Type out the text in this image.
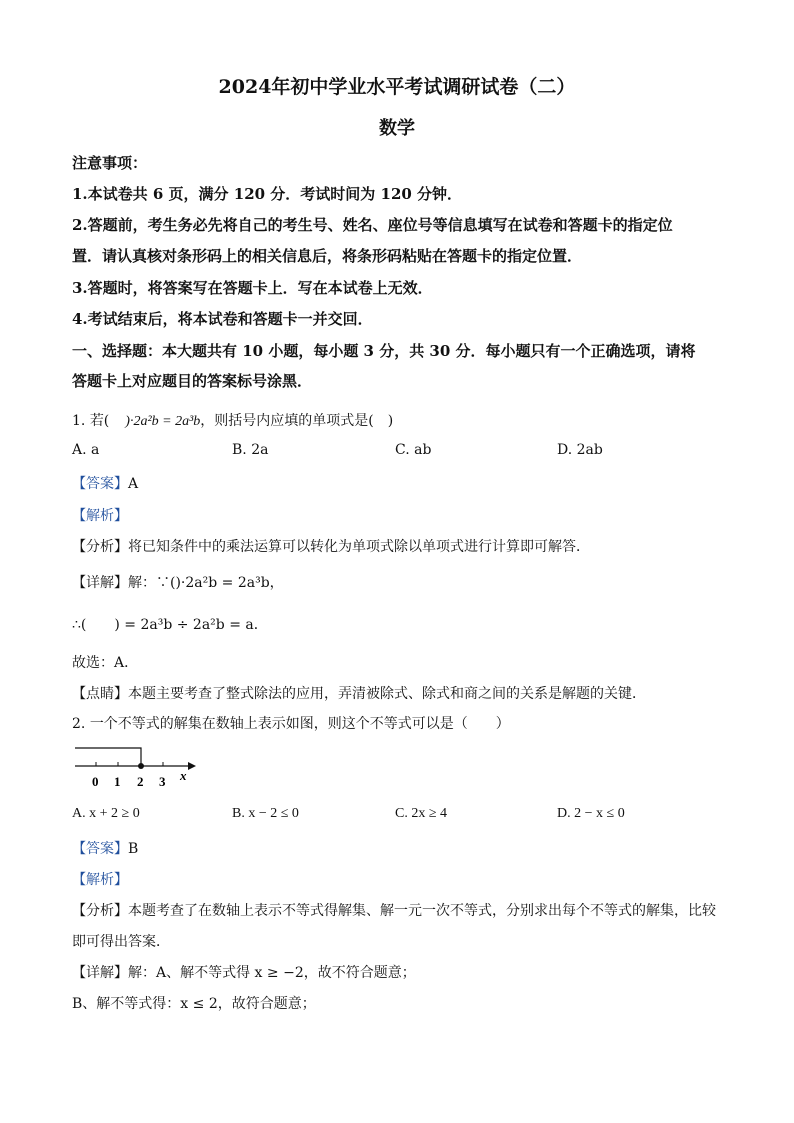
2024年初中学业水平考试调研试卷（二）
数学
注意事项：
1.本试卷共 6 页，满分 120 分．考试时间为 120 分钟．
2.答题前，考生务必先将自己的考生号、姓名、座位号等信息填写在试卷和答题卡的指定位
置．请认真核对条形码上的相关信息后，将条形码粘贴在答题卡的指定位置．
3.答题时，将答案写在答题卡上．写在本试卷上无效．
4.考试结束后，将本试卷和答题卡一并交回．
一、选择题：本大题共有 10 小题，每小题 3 分，共 30 分．每小题只有一个正确选项，请将
答题卡上对应题目的答案标号涂黑．
1. 若( )·2a²b = 2a³b，则括号内应填的单项式是(　)
A. a	B. 2a	C. ab	D. 2ab
【答案】A
【解析】
【分析】将已知条件中的乘法运算可以转化为单项式除以单项式进行计算即可解答．
【详解】解：∵()·2a²b = 2a³b，
∴(　　) = 2a³b ÷ 2a²b = a．
故选：A．
【点睛】本题主要考查了整式除法的应用，弄清被除式、除式和商之间的关系是解题的关键．
2. 一个不等式的解集在数轴上表示如图，则这个不等式可以是（　　）
0 1 2 3 x
A. x + 2 ≥ 0	B. x − 2 ≤ 0	C. 2x ≥ 4	D. 2 − x ≤ 0
【答案】B
【解析】
【分析】本题考查了在数轴上表示不等式得解集、解一元一次不等式，分别求出每个不等式的解集，比较
即可得出答案．
【详解】解：A、解不等式得 x ≥ −2，故不符合题意；
B、解不等式得：x ≤ 2，故符合题意；
